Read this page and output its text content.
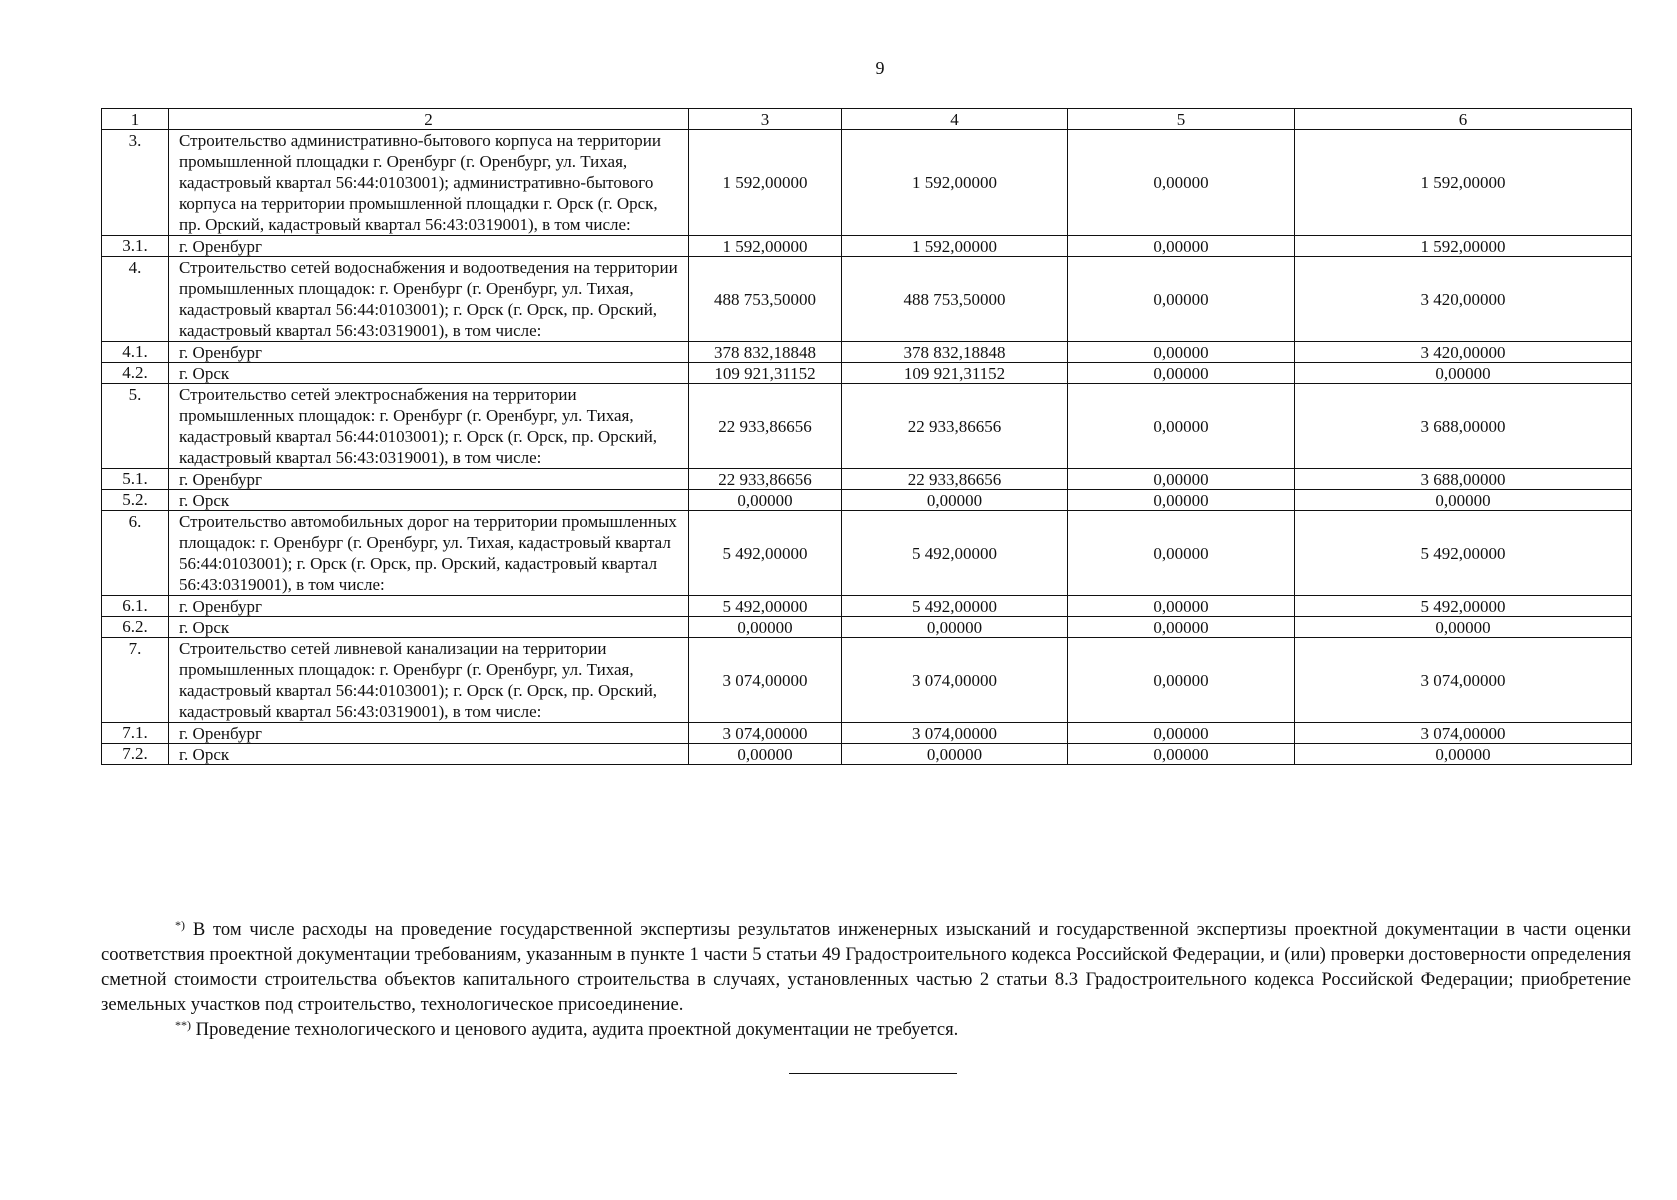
9
1	2	3	4	5	6
3.	Строительство административно-бытового корпуса на территории промышленной площадки г. Оренбург (г. Оренбург, ул. Тихая, кадастровый квартал 56:44:0103001); административно-бытового корпуса на территории промышленной площадки г. Орск (г. Орск, пр. Орский, кадастровый квартал 56:43:0319001), в том числе:	1 592,00000	1 592,00000	0,00000	1 592,00000
3.1.	г. Оренбург	1 592,00000	1 592,00000	0,00000	1 592,00000
4.	Строительство сетей водоснабжения и водоотведения на территории промышленных площадок: г. Оренбург (г. Оренбург, ул. Тихая, кадастровый квартал 56:44:0103001); г. Орск (г. Орск, пр. Орский, кадастровый квартал 56:43:0319001), в том числе:	488 753,50000	488 753,50000	0,00000	3 420,00000
4.1.	г. Оренбург	378 832,18848	378 832,18848	0,00000	3 420,00000
4.2.	г. Орск	109 921,31152	109 921,31152	0,00000	0,00000
5.	Строительство сетей электроснабжения на территории промышленных площадок: г. Оренбург (г. Оренбург, ул. Тихая, кадастровый квартал 56:44:0103001); г. Орск (г. Орск, пр. Орский, кадастровый квартал 56:43:0319001), в том числе:	22 933,86656	22 933,86656	0,00000	3 688,00000
5.1.	г. Оренбург	22 933,86656	22 933,86656	0,00000	3 688,00000
5.2.	г. Орск	0,00000	0,00000	0,00000	0,00000
6.	Строительство автомобильных дорог на территории промышленных площадок: г. Оренбург (г. Оренбург, ул. Тихая, кадастровый квартал 56:44:0103001); г. Орск (г. Орск, пр. Орский, кадастровый квартал 56:43:0319001), в том числе:	5 492,00000	5 492,00000	0,00000	5 492,00000
6.1.	г. Оренбург	5 492,00000	5 492,00000	0,00000	5 492,00000
6.2.	г. Орск	0,00000	0,00000	0,00000	0,00000
7.	Строительство сетей ливневой канализации на территории промышленных площадок: г. Оренбург (г. Оренбург, ул. Тихая, кадастровый квартал 56:44:0103001); г. Орск (г. Орск, пр. Орский, кадастровый квартал 56:43:0319001), в том числе:	3 074,00000	3 074,00000	0,00000	3 074,00000
7.1.	г. Оренбург	3 074,00000	3 074,00000	0,00000	3 074,00000
7.2.	г. Орск	0,00000	0,00000	0,00000	0,00000

*) В том числе расходы на проведение государственной экспертизы результатов инженерных изысканий и государственной экспертизы проектной документации в части оценки соответствия проектной документации требованиям, указанным в пункте 1 части 5 статьи 49 Градостроительного кодекса Российской Федерации, и (или) проверки достоверности определения сметной стоимости строительства объектов капитального строительства в случаях, установленных частью 2 статьи 8.3 Градостроительного кодекса Российской Федерации; приобретение земельных участков под строительство, технологическое присоединение.

**) Проведение технологического и ценового аудита, аудита проектной документации не требуется.
